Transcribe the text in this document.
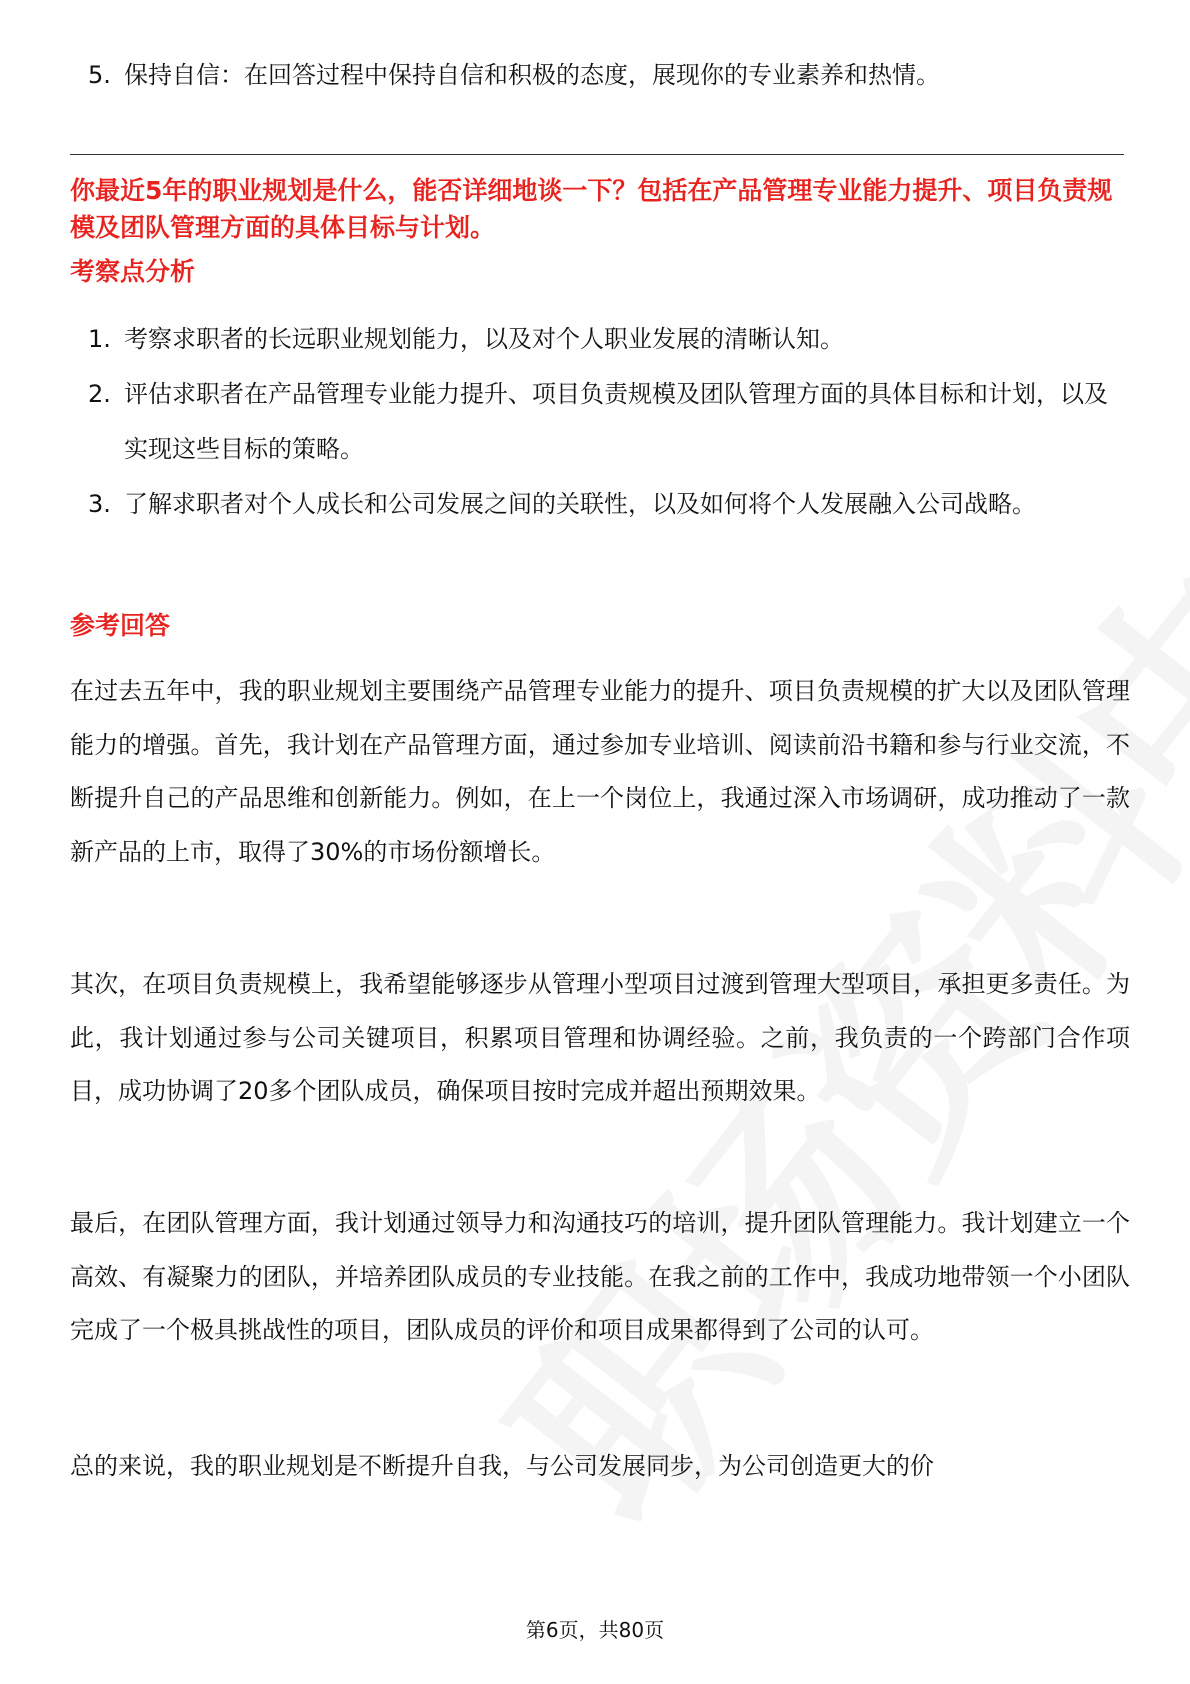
5. 保持自信：在回答过程中保持自信和积极的态度，展现你的专业素养和热情。
你最近5年的职业规划是什么，能否详细地谈一下？包括在产品管理专业能力提升、项目负责规模及团队管理方面的具体目标与计划。
考察点分析
1. 考察求职者的长远职业规划能力，以及对个人职业发展的清晰认知。
2. 评估求职者在产品管理专业能力提升、项目负责规模及团队管理方面的具体目标和计划，以及实现这些目标的策略。
3. 了解求职者对个人成长和公司发展之间的关联性，以及如何将个人发展融入公司战略。
参考回答
在过去五年中，我的职业规划主要围绕产品管理专业能力的提升、项目负责规模的扩大以及团队管理能力的增强。首先，我计划在产品管理方面，通过参加专业培训、阅读前沿书籍和参与行业交流，不断提升自己的产品思维和创新能力。例如，在上一个岗位上，我通过深入市场调研，成功推动了一款新产品的上市，取得了30%的市场份额增长。
其次，在项目负责规模上，我希望能够逐步从管理小型项目过渡到管理大型项目，承担更多责任。为此，我计划通过参与公司关键项目，积累项目管理和协调经验。之前，我负责的一个跨部门合作项目，成功协调了20多个团队成员，确保项目按时完成并超出预期效果。
最后，在团队管理方面，我计划通过领导力和沟通技巧的培训，提升团队管理能力。我计划建立一个高效、有凝聚力的团队，并培养团队成员的专业技能。在我之前的工作中，我成功地带领一个小团队完成了一个极具挑战性的项目，团队成员的评价和项目成果都得到了公司的认可。
总的来说，我的职业规划是不断提升自我，与公司发展同步，为公司创造更大的价
第6页，共80页
